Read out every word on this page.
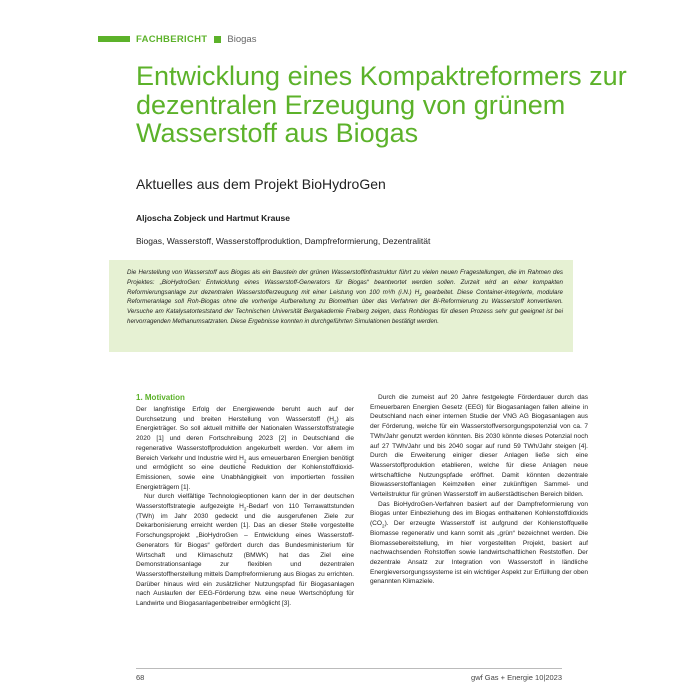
FACHBERICHT Biogas
Entwicklung eines Kompaktreformers zur dezentralen Erzeugung von grünem Wasserstoff aus Biogas
Aktuelles aus dem Projekt BioHydroGen
Aljoscha Zobjeck und Hartmut Krause
Biogas, Wasserstoff, Wasserstoffproduktion, Dampfreformierung, Dezentralität

Die Herstellung von Wasserstoff aus Biogas als ein Baustein der grünen Wasserstoffinfrastruktur führt zu vielen neuen Fragestellungen, die im Rahmen des Projektes: „BioHydroGen: Entwicklung eines Wasserstoff-Generators für Biogas“ beantwortet werden sollen. Zurzeit wird an einer kompakten Reformierungsanlage zur dezentralen Wasserstofferzeugung mit einer Leistung von 100 m³/h (i.N.) $H_2$ gearbeitet. Diese Container-integrierte, modulare Reformeranlage soll Roh-Biogas ohne die vorherige Aufbereitung zu Biomethan über das Verfahren der Bi-Reformierung zu Wasserstoff konvertieren. Versuche am Katalysatorteststand der Technischen Universität Bergakademie Freiberg zeigen, dass Rohbiogas für diesen Prozess sehr gut geeignet ist bei hervorragenden Methanumsatzraten. Diese Ergebnisse konnten in durchgeführten Simulationen bestätigt werden.

1. Motivation

Der langfristige Erfolg der Energiewende beruht auch auf der Durchsetzung und breiten Herstellung von Wasserstoff $(H_2)$ als Energieträger. So soll aktuell mithilfe der Nationalen Wasserstoffstrategie 2020 [1] und deren Fortschreibung 2023 [2] in Deutschland die regenerative Wasserstoffproduktion angekurbelt werden. Vor allem im Bereich Verkehr und Industrie wird $H_2$ aus erneuerbaren Energien benötigt und ermöglicht so eine deutliche Reduktion der Kohlenstoffdioxid-Emissionen, sowie eine Unabhängigkeit von importierten fossilen Energieträgern [1].

Nur durch vielfältige Technologieoptionen kann der in der deutschen Wasserstoffstrategie aufgezeigte $H_2$-Bedarf von 110 Terrawattstunden (TWh) im Jahr 2030 gedeckt und die ausgerufenen Ziele zur Dekarbonisierung erreicht werden [1]. Das an dieser Stelle vorgestellte Forschungsprojekt „BioHydroGen – Entwicklung eines Wasserstoff-Generators für Biogas“ gefördert durch das Bundesministerium für Wirtschaft und Klimaschutz (BMWK) hat das Ziel eine Demonstrationsanlage zur flexiblen und dezentralen Wasserstoffherstellung mittels Dampfreformierung aus Biogas zu errichten. Darüber hinaus wird ein zusätzlicher Nutzungspfad für Biogasanlagen nach Auslaufen der EEG-Förderung bzw. eine neue Wertschöpfung für Landwirte und Biogasanlagenbetreiber ermöglicht [3].

Durch die zumeist auf 20 Jahre festgelegte Förderdauer durch das Erneuerbaren Energien Gesetz (EEG) für Biogasanlagen fallen alleine in Deutschland nach einer internen Studie der VNG AG Biogasanlagen aus der Förderung, welche für ein Wasserstoffversorgungspotenzial von ca. 7 TWh/Jahr genutzt werden könnten. Bis 2030 könnte dieses Potenzial noch auf 27 TWh/Jahr und bis 2040 sogar auf rund 59 TWh/Jahr steigen [4]. Durch die Erweiterung einiger dieser Anlagen ließe sich eine Wasserstoffproduktion etablieren, welche für diese Anlagen neue wirtschaftliche Nutzungspfade eröffnet. Damit könnten dezentrale Biowasserstoffanlagen Keimzellen einer zukünftigen Sammel- und Verteilstruktur für grünen Wasserstoff im außerstädtischen Bereich bilden.

Das BioHydroGen-Verfahren basiert auf der Dampfreformierung von Biogas unter Einbeziehung des im Biogas enthaltenen Kohlenstoffdioxids $(CO_2)$. Der erzeugte Wasserstoff ist aufgrund der Kohlenstoffquelle Biomasse regenerativ und kann somit als „grün“ bezeichnet werden. Die Biomassebereitstellung, im hier vorgestellten Projekt, basiert auf nachwachsenden Rohstoffen sowie landwirtschaftlichen Reststoffen. Der dezentrale Ansatz zur Integration von Wasserstoff in ländliche Energieversorgungssysteme ist ein wichtiger Aspekt zur Erfüllung der oben genannten Klimaziele.

68	gwf Gas + Energie 10|2023
